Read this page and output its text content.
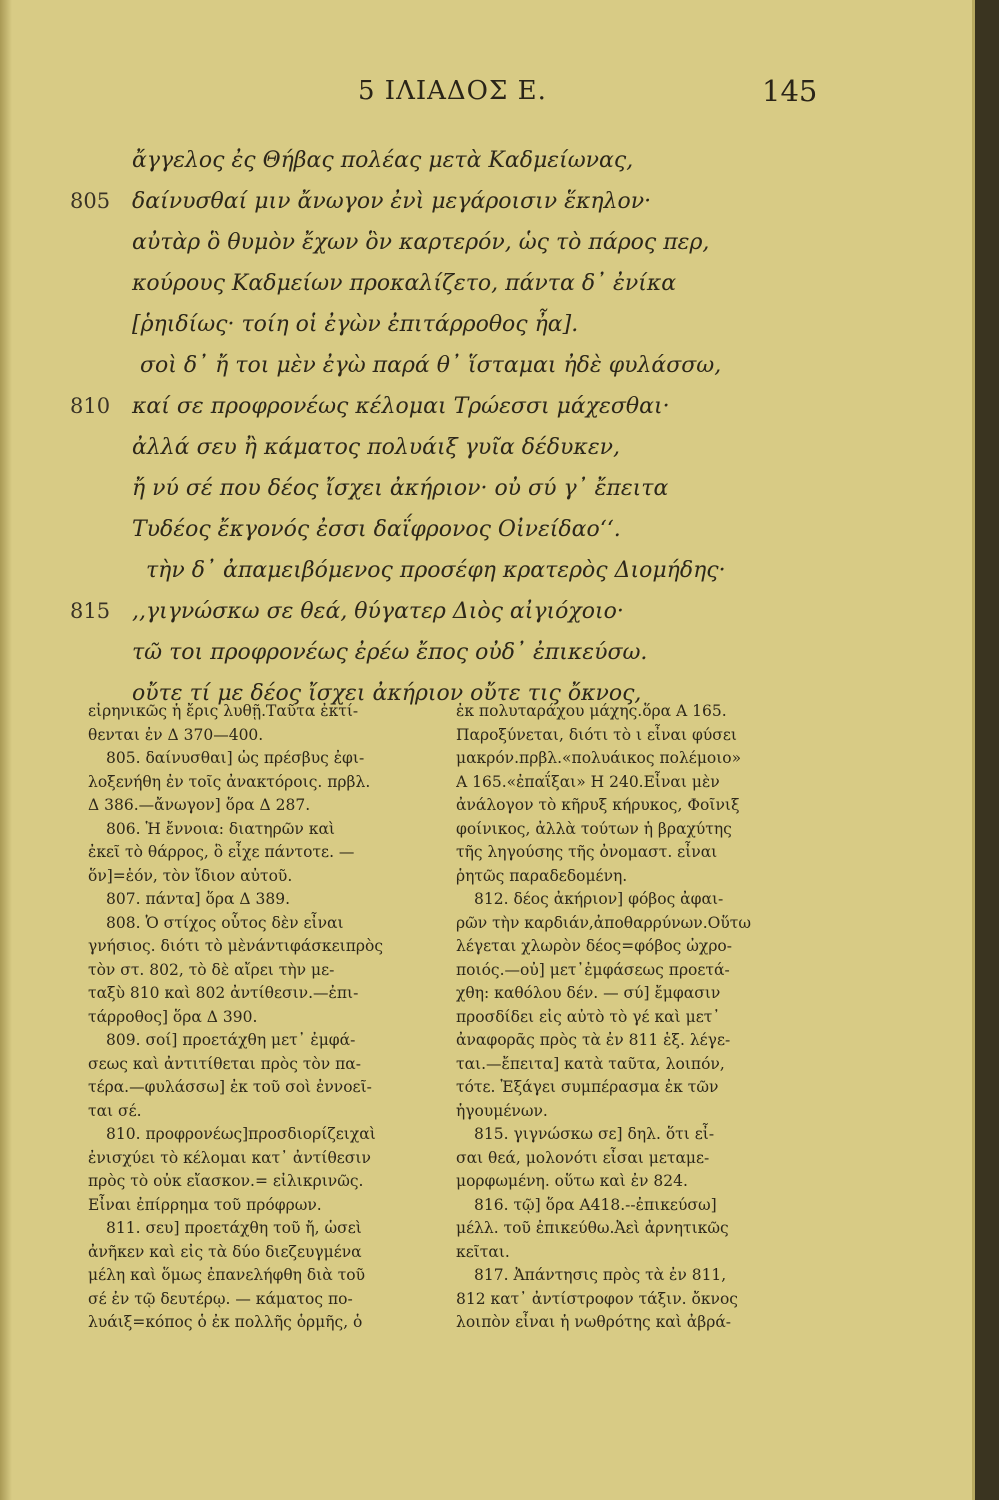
5 ΙΛΙΑΔΟΣ Ε.	145
ἄγγελος ἐς Θήβας πολέας μετὰ Καδμείωνας,
805 δαίνυσθαί μιν ἄνωγον ἐνὶ μεγάροισιν ἕκηλον·
αὐτὰρ ὃ θυμὸν ἔχων ὃν καρτερόν, ὡς τὸ πάρος περ,
κούρους Καδμείων προκαλίζετο, πάντα δ᾽ ἐνίκα
[ῥηιδίως· τοίη οἱ ἐγὼν ἐπιτάρροθος ἦα].
σοὶ δ᾽ ἤ τοι μὲν ἐγὼ παρά θ᾽ ἵσταμαι ἠδὲ φυλάσσω,
810 καί σε προφρονέως κέλομαι Τρώεσσι μάχεσθαι·
ἀλλά σευ ἢ κάματος πολυάιξ γυῖα δέδυκεν,
ἤ νύ σέ που δέος ἴσχει ἀκήριον· οὐ σύ γ᾽ ἔπειτα
Τυδέος ἔκγονός ἐσσι δαΐφρονος Οἰνείδαο‘‘.
τὴν δ᾽ ἀπαμειβόμενος προσέφη κρατερὸς Διομήδης·
815 ,,γιγνώσκω σε θεά, θύγατερ Διὸς αἰγιόχοιο·
τῶ τοι προφρονέως ἐρέω ἔπος οὐδ᾽ ἐπικεύσω.
οὔτε τί με δέος ἴσχει ἀκήριον οὔτε τις ὄκνος,
εἰρηνικῶς ἡ ἔρις λυθῇ.Ταῦτα ἐκτί-
θενται ἐν Δ 370—400.
805. δαίνυσθαι] ὡς πρέσβυς ἐφι-
λοξενήθη ἐν τοῖς ἀνακτόροις. πρβλ.
Δ 386.—ἄνωγον] ὅρα Δ 287.
806. Ἡ ἔννοια: διατηρῶν καὶ
ἐκεῖ τὸ θάρρος, ὃ εἶχε πάντοτε. —
ὅν]=ἑόν, τὸν ἴδιον αὐτοῦ.
807. πάντα] ὅρα Δ 389.
808. Ὁ στίχος οὗτος δὲν εἶναι
γνήσιος. διότι τὸ μὲνάντιφάσκειπρὸς
τὸν στ. 802, τὸ δὲ αἴρει τὴν με-
ταξὺ 810 καὶ 802 ἀντίθεσιν.—ἐπι-
τάρροθος] ὅρα Δ 390.
809. σοί] προετάχθη μετ᾽ ἐμφά-
σεως καὶ ἀντιτίθεται πρὸς τὸν πα-
τέρα.—φυλάσσω] ἐκ τοῦ σοὶ ἐννοεῖ-
ται σέ.
810. προφρονέως]προσδιορίζειχαὶ
ἐνισχύει τὸ κέλομαι κατ᾽ ἀντίθεσιν
πρὸς τὸ οὐκ εἴασκον.= εἰλικρινῶς.
Εἶναι ἐπίρρημα τοῦ πρόφρων.
811. σευ] προετάχθη τοῦ ἤ, ὡσεὶ
ἀνῆκεν καὶ εἰς τὰ δύο διεζευγμένα
μέλη καὶ ὅμως ἐπανελήφθη διὰ τοῦ
σέ ἐν τῷ δευτέρῳ. — κάματος πο-
λυάιξ=κόπος ὁ ἐκ πολλῆς ὁρμῆς, ὁ
ἐκ πολυταράχου μάχης.ὅρα Α 165.
Παροξύνεται, διότι τὸ ι εἶναι φύσει
μακρόν.πρβλ.«πολυάικος πολέμοιο»
Α 165.«ἐπαΐξαι» Η 240.Εἶναι μὲν
ἀνάλογον τὸ κῆρυξ κήρυκος, Φοῖνιξ
φοίνικος, ἀλλὰ τούτων ἡ βραχύτης
τῆς ληγούσης τῆς ὀνομαστ. εἶναι
ῥητῶς παραδεδομένη.
812. δέος ἀκήριον] φόβος ἀφαι-
ρῶν τὴν καρδιάν,ἀποθαρρύνων.Οὕτω
λέγεται χλωρὸν δέος=φόβος ὠχρο-
ποιός.—οὐ] μετ᾽ἐμφάσεως προετά-
χθη: καθόλου δέν. — σύ] ἔμφασιν
προσδίδει εἰς αὐτὸ τὸ γέ καὶ μετ᾽
ἀναφορᾶς πρὸς τὰ ἐν 811 ἑξ. λέγε-
ται.—ἔπειτα] κατὰ ταῦτα, λοιπόν,
τότε. Ἐξάγει συμπέρασμα ἐκ τῶν
ἡγουμένων.
815. γιγνώσκω σε] δηλ. ὅτι εἶ-
σαι θεά, μολονότι εἶσαι μεταμε-
μορφωμένη. οὕτω καὶ ἐν 824.
816. τῷ] ὅρα Α418.--ἐπικεύσω]
μέλλ. τοῦ ἐπικεύθω.Ἀεὶ ἀρνητικῶς
κεῖται.
817. Ἀπάντησις πρὸς τὰ ἐν 811,
812 κατ᾽ ἀντίστροφον τάξιν. ὄκνος
λοιπὸν εἶναι ἡ νωθρότης καὶ ἀβρά-
